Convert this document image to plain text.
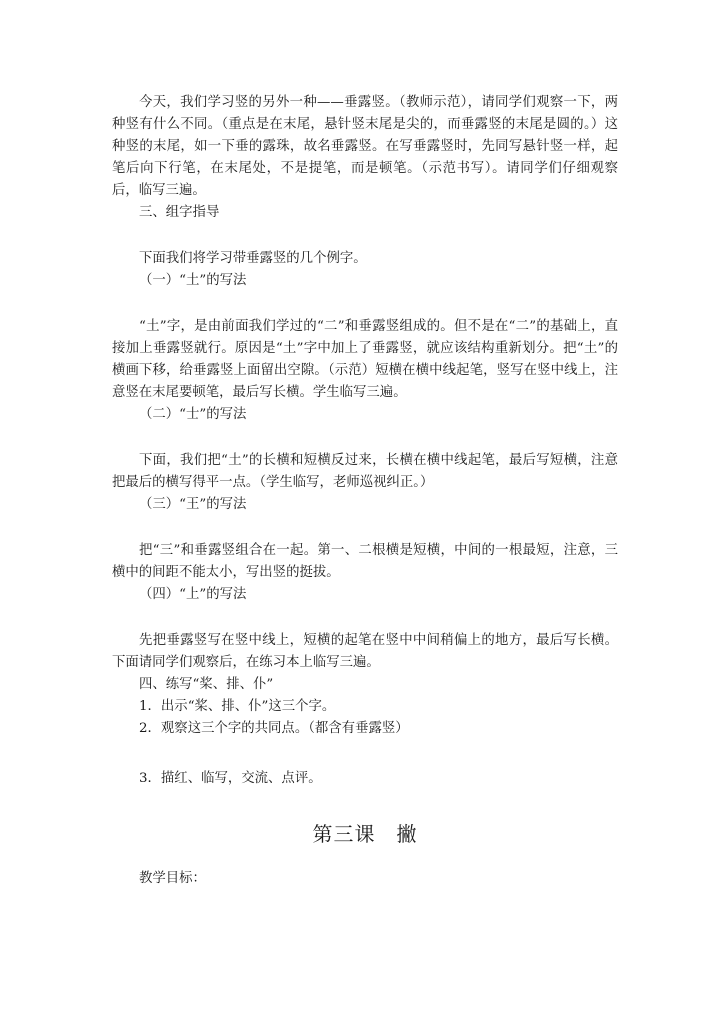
今天，我们学习竖的另外一种——垂露竖。（教师示范），请同学们观察一下，两种竖有什么不同。（重点是在末尾，悬针竖末尾是尖的，而垂露竖的末尾是圆的。）这种竖的末尾，如一下垂的露珠，故名垂露竖。在写垂露竖时，先同写悬针竖一样，起笔后向下行笔，在末尾处，不是提笔，而是顿笔。（示范书写）。请同学们仔细观察后，临写三遍。

三、组字指导

下面我们将学习带垂露竖的几个例字。

（一）“土”的写法

“土”字，是由前面我们学过的“二”和垂露竖组成的。但不是在“二”的基础上，直接加上垂露竖就行。原因是“土”字中加上了垂露竖，就应该结构重新划分。把“土”的横画下移，给垂露竖上面留出空隙。（示范）短横在横中线起笔，竖写在竖中线上，注意竖在末尾要顿笔，最后写长横。学生临写三遍。

（二）“士”的写法

下面，我们把“土”的长横和短横反过来，长横在横中线起笔，最后写短横，注意把最后的横写得平一点。（学生临写，老师巡视纠正。）

（三）“王”的写法

把“三”和垂露竖组合在一起。第一、二根横是短横，中间的一根最短，注意，三横中的间距不能太小，写出竖的挺拔。

（四）“上”的写法

先把垂露竖写在竖中线上，短横的起笔在竖中中间稍偏上的地方，最后写长横。下面请同学们观察后，在练习本上临写三遍。

四、练写“桨、排、仆”

1．出示“桨、排、仆”这三个字。

2．观察这三个字的共同点。（都含有垂露竖）

3．描红、临写，交流、点评。

第三课　撇

教学目标：
